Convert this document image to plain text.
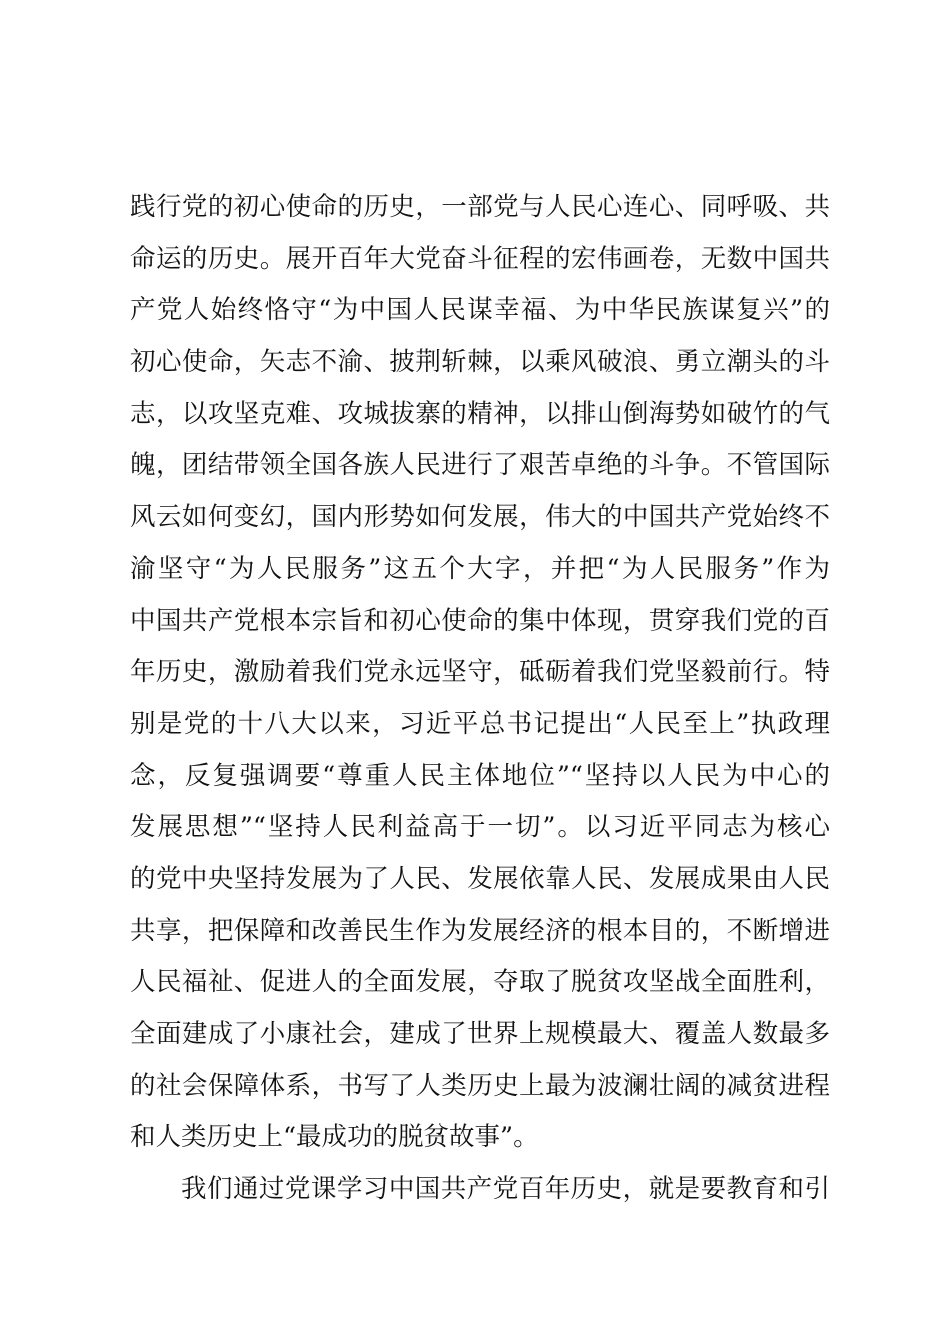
践行党的初心使命的历史，一部党与人民心连心、同呼吸、共
命运的历史。展开百年大党奋斗征程的宏伟画卷，无数中国共
产党人始终恪守“为中国人民谋幸福、为中华民族谋复兴”的
初心使命，矢志不渝、披荆斩棘，以乘风破浪、勇立潮头的斗
志，以攻坚克难、攻城拔寨的精神，以排山倒海势如破竹的气
魄，团结带领全国各族人民进行了艰苦卓绝的斗争。不管国际
风云如何变幻，国内形势如何发展，伟大的中国共产党始终不
渝坚守“为人民服务”这五个大字，并把“为人民服务”作为
中国共产党根本宗旨和初心使命的集中体现，贯穿我们党的百
年历史，激励着我们党永远坚守，砥砺着我们党坚毅前行。特
别是党的十八大以来，习近平总书记提出“人民至上”执政理
念，反复强调要“尊重人民主体地位”“坚持以人民为中心的
发展思想”“坚持人民利益高于一切”。以习近平同志为核心
的党中央坚持发展为了人民、发展依靠人民、发展成果由人民
共享，把保障和改善民生作为发展经济的根本目的，不断增进
人民福祉、促进人的全面发展，夺取了脱贫攻坚战全面胜利，
全面建成了小康社会，建成了世界上规模最大、覆盖人数最多
的社会保障体系，书写了人类历史上最为波澜壮阔的减贫进程
和人类历史上“最成功的脱贫故事”。
我们通过党课学习中国共产党百年历史，就是要教育和引
